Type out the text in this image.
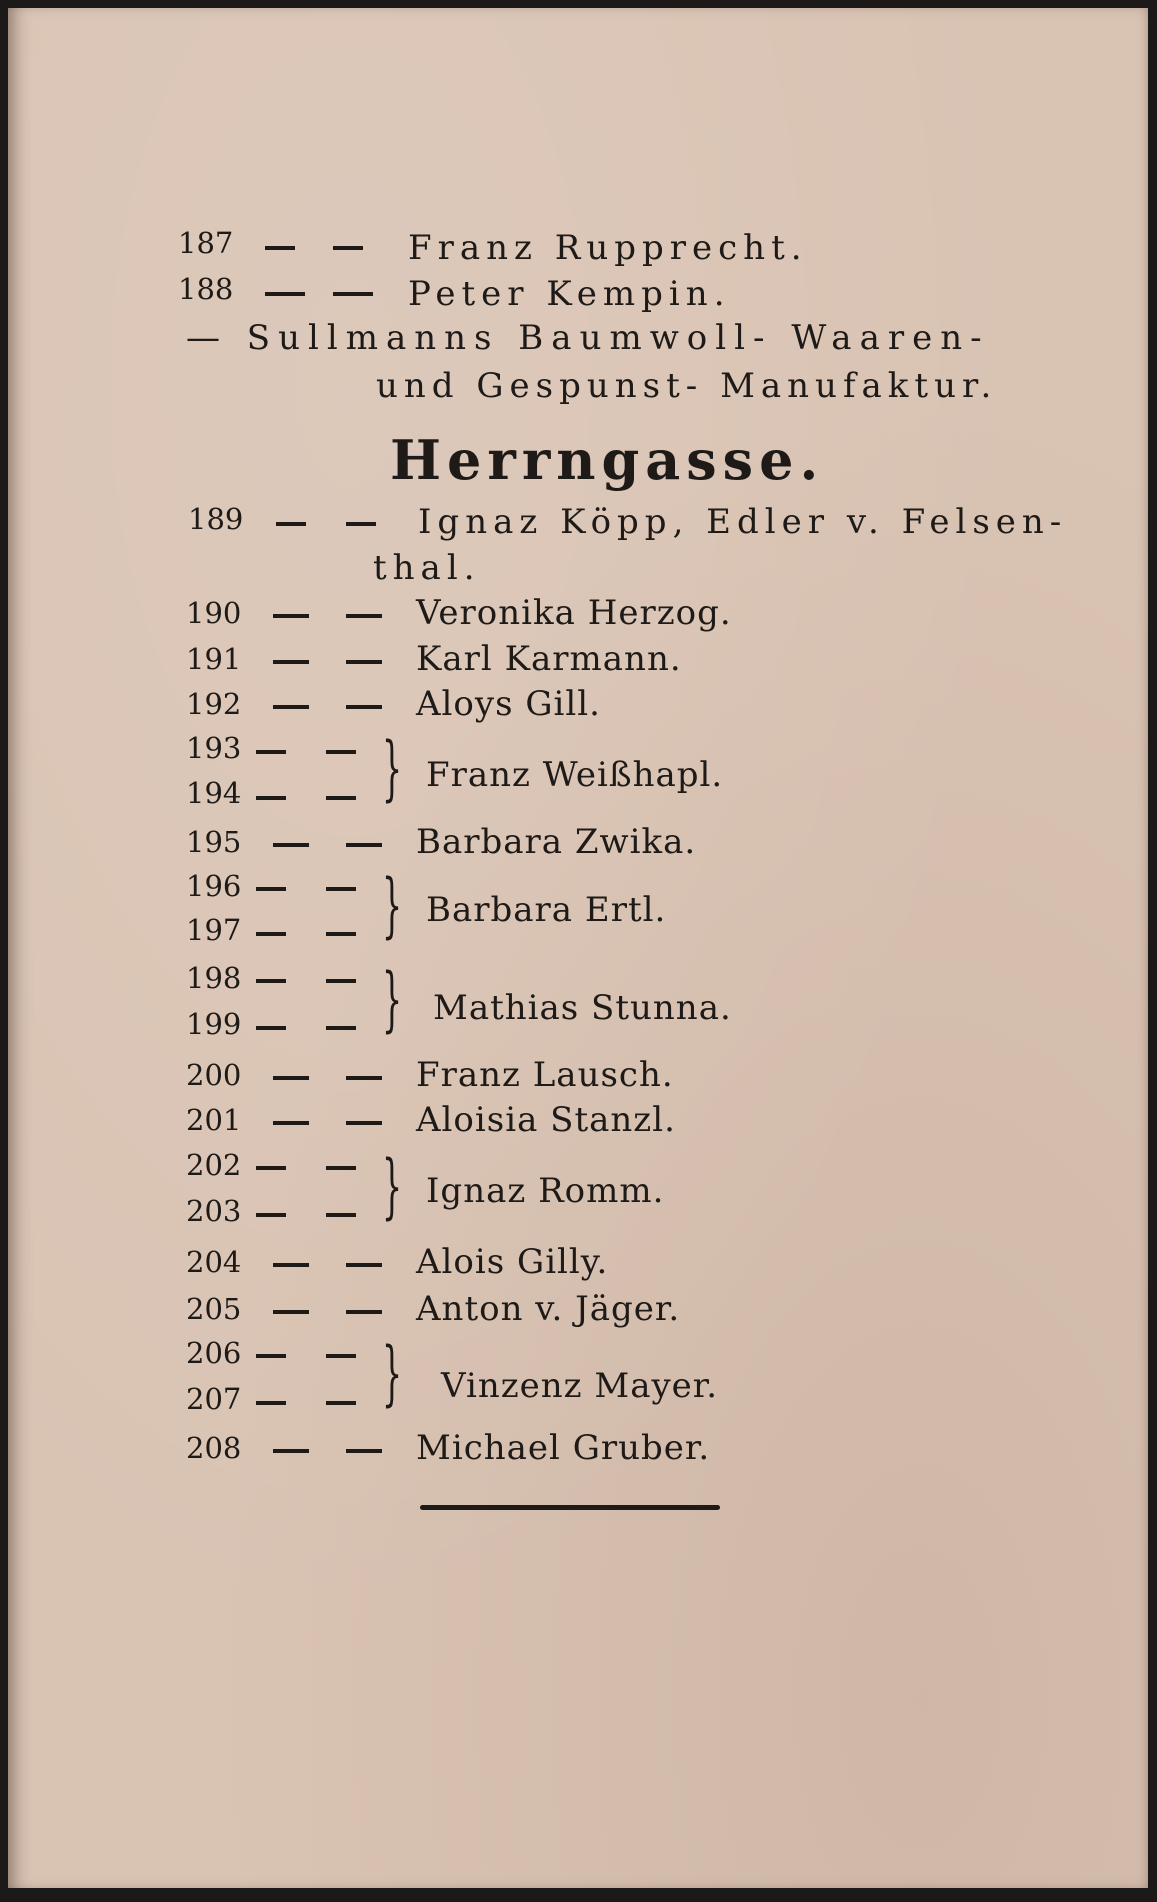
187	Franz Rupprecht.
188	Peter Kempin.
— Sullmanns Baumwoll- Waaren-
und Gespunst- Manufaktur.
Herrngasse.
189	Ignaz Köpp, Edler v. Felsen-
thal.
190	Veronika Herzog.
191	Karl Karmann.
192	Aloys Gill.
193
194 } Franz Weißhapl.
195	Barbara Zwika.
196
197 } Barbara Ertl.
198
199 } Mathias Stunna.
200	Franz Lausch.
201	Aloisia Stanzl.
202
203 } Ignaz Romm.
204	Alois Gilly.
205	Anton v. Jäger.
206
207 } Vinzenz Mayer.
208	Michael Gruber.
